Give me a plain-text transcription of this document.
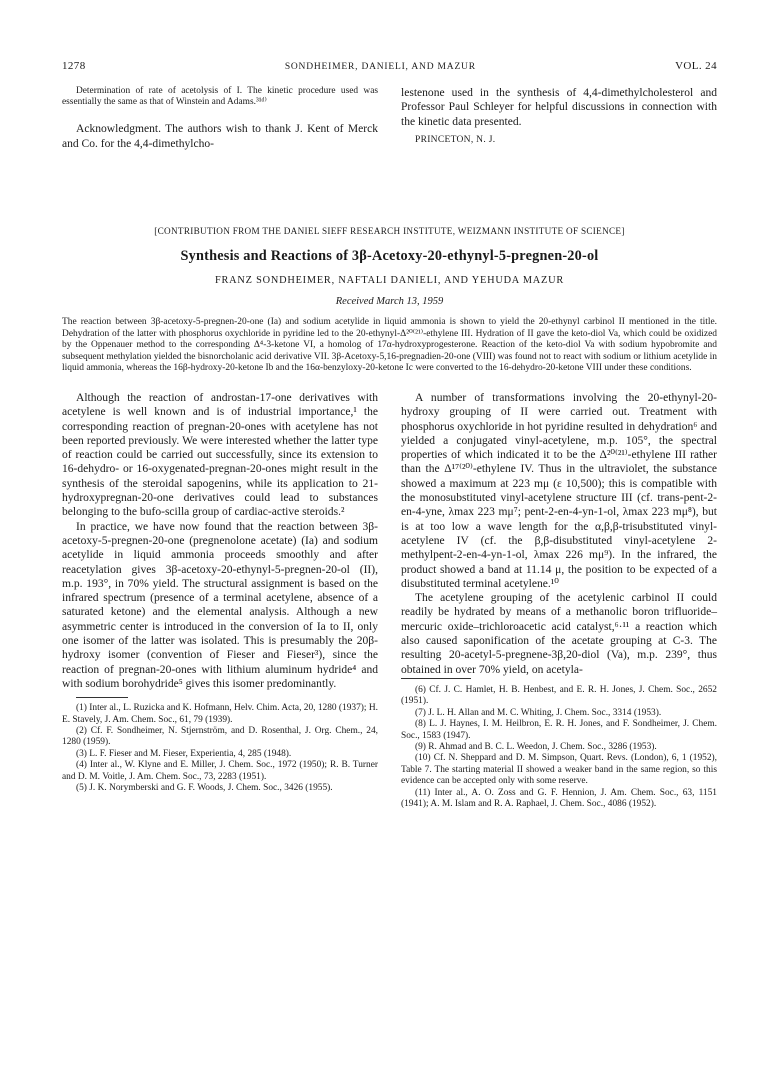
1278	SONDHEIMER, DANIELI, AND MAZUR	VOL. 24

Determination of rate of acetolysis of I. The kinetic procedure used was essentially the same as that of Winstein and Adams.³¹ᵈ⁾

Acknowledgment. The authors wish to thank J. Kent of Merck and Co. for the 4,4-dimethylcho-

lestenone used in the synthesis of 4,4-dimethylcholesterol and Professor Paul Schleyer for helpful discussions in connection with the kinetic data presented.

PRINCETON, N. J.
[CONTRIBUTION FROM THE DANIEL SIEFF RESEARCH INSTITUTE, WEIZMANN INSTITUTE OF SCIENCE]
Synthesis and Reactions of 3β-Acetoxy-20-ethynyl-5-pregnen-20-ol
FRANZ SONDHEIMER, NAFTALI DANIELI, AND YEHUDA MAZUR
Received March 13, 1959

The reaction between 3β-acetoxy-5-pregnen-20-one (Ia) and sodium acetylide in liquid ammonia is shown to yield the 20-ethynyl carbinol II mentioned in the title. Dehydration of the latter with phosphorus oxychloride in pyridine led to the 20-ethynyl-Δ²⁰⁽²¹⁾-ethylene III. Hydration of II gave the keto-diol Va, which could be oxidized by the Oppenauer method to the corresponding Δ⁴-3-ketone VI, a homolog of 17α-hydroxyprogesterone. Reaction of the keto-diol Va with sodium hypobromite and subsequent methylation yielded the bisnorcholanic acid derivative VII. 3β-Acetoxy-5,16-pregnadien-20-one (VIII) was found not to react with sodium or lithium acetylide in liquid ammonia, whereas the 16β-hydroxy-20-ketone Ib and the 16α-benzyloxy-20-ketone Ic were converted to the 16-dehydro-20-ketone VIII under these conditions.

Although the reaction of androstan-17-one derivatives with acetylene is well known and is of industrial importance,¹ the corresponding reaction of pregnan-20-ones with acetylene has not been reported previously. We were interested whether the latter type of reaction could be carried out successfully, since its extension to 16-dehydro- or 16-oxygenated-pregnan-20-ones might result in the synthesis of the steroidal sapogenins, while its application to 21-hydroxypregnan-20-one derivatives could lead to substances belonging to the bufo-scilla group of cardiac-active steroids.²

In practice, we have now found that the reaction between 3β-acetoxy-5-pregnen-20-one (pregnenolone acetate) (Ia) and sodium acetylide in liquid ammonia proceeds smoothly and after reacetylation gives 3β-acetoxy-20-ethynyl-5-pregnen-20-ol (II), m.p. 193°, in 70% yield. The structural assignment is based on the infrared spectrum (presence of a terminal acetylene, absence of a saturated ketone) and the elemental analysis. Although a new asymmetric center is introduced in the conversion of Ia to II, only one isomer of the latter was isolated. This is presumably the 20β-hydroxy isomer (convention of Fieser and Fieser³), since the reaction of pregnan-20-ones with lithium aluminum hydride⁴ and with sodium borohydride⁵ gives this isomer predominantly.

(1) Inter al., L. Ruzicka and K. Hofmann, Helv. Chim. Acta, 20, 1280 (1937); H. E. Stavely, J. Am. Chem. Soc., 61, 79 (1939).

(2) Cf. F. Sondheimer, N. Stjernström, and D. Rosenthal, J. Org. Chem., 24, 1280 (1959).

(3) L. F. Fieser and M. Fieser, Experientia, 4, 285 (1948).

(4) Inter al., W. Klyne and E. Miller, J. Chem. Soc., 1972 (1950); R. B. Turner and D. M. Voitle, J. Am. Chem. Soc., 73, 2283 (1951).

(5) J. K. Norymberski and G. F. Woods, J. Chem. Soc., 3426 (1955).

A number of transformations involving the 20-ethynyl-20-hydroxy grouping of II were carried out. Treatment with phosphorus oxychloride in hot pyridine resulted in dehydration⁶ and yielded a conjugated vinyl-acetylene, m.p. 105°, the spectral properties of which indicated it to be the Δ²⁰⁽²¹⁾-ethylene III rather than the Δ¹⁷⁽²⁰⁾-ethylene IV. Thus in the ultraviolet, the substance showed a maximum at 223 mμ (ε 10,500); this is compatible with the monosubstituted vinyl-acetylene structure III (cf. trans-pent-2-en-4-yne, λmax 223 mμ⁷; pent-2-en-4-yn-1-ol, λmax 223 mμ⁸), but is at too low a wave length for the α,β,β-trisubstituted vinyl-acetylene IV (cf. the β,β-disubstituted vinyl-acetylene 2-methylpent-2-en-4-yn-1-ol, λmax 226 mμ⁹). In the infrared, the product showed a band at 11.14 μ, the position to be expected of a disubstituted terminal acetylene.¹⁰

The acetylene grouping of the acetylenic carbinol II could readily be hydrated by means of a methanolic boron trifluoride–mercuric oxide–trichloroacetic acid catalyst,⁶·¹¹ a reaction which also caused saponification of the acetate grouping at C-3. The resulting 20-acetyl-5-pregnene-3β,20-diol (Va), m.p. 239°, thus obtained in over 70% yield, on acetyla-

(6) Cf. J. C. Hamlet, H. B. Henbest, and E. R. H. Jones, J. Chem. Soc., 2652 (1951).

(7) J. L. H. Allan and M. C. Whiting, J. Chem. Soc., 3314 (1953).

(8) L. J. Haynes, I. M. Heilbron, E. R. H. Jones, and F. Sondheimer, J. Chem. Soc., 1583 (1947).

(9) R. Ahmad and B. C. L. Weedon, J. Chem. Soc., 3286 (1953).

(10) Cf. N. Sheppard and D. M. Simpson, Quart. Revs. (London), 6, 1 (1952), Table 7. The starting material II showed a weaker band in the same region, so this evidence can be accepted only with some reserve.

(11) Inter al., A. O. Zoss and G. F. Hennion, J. Am. Chem. Soc., 63, 1151 (1941); A. M. Islam and R. A. Raphael, J. Chem. Soc., 4086 (1952).
